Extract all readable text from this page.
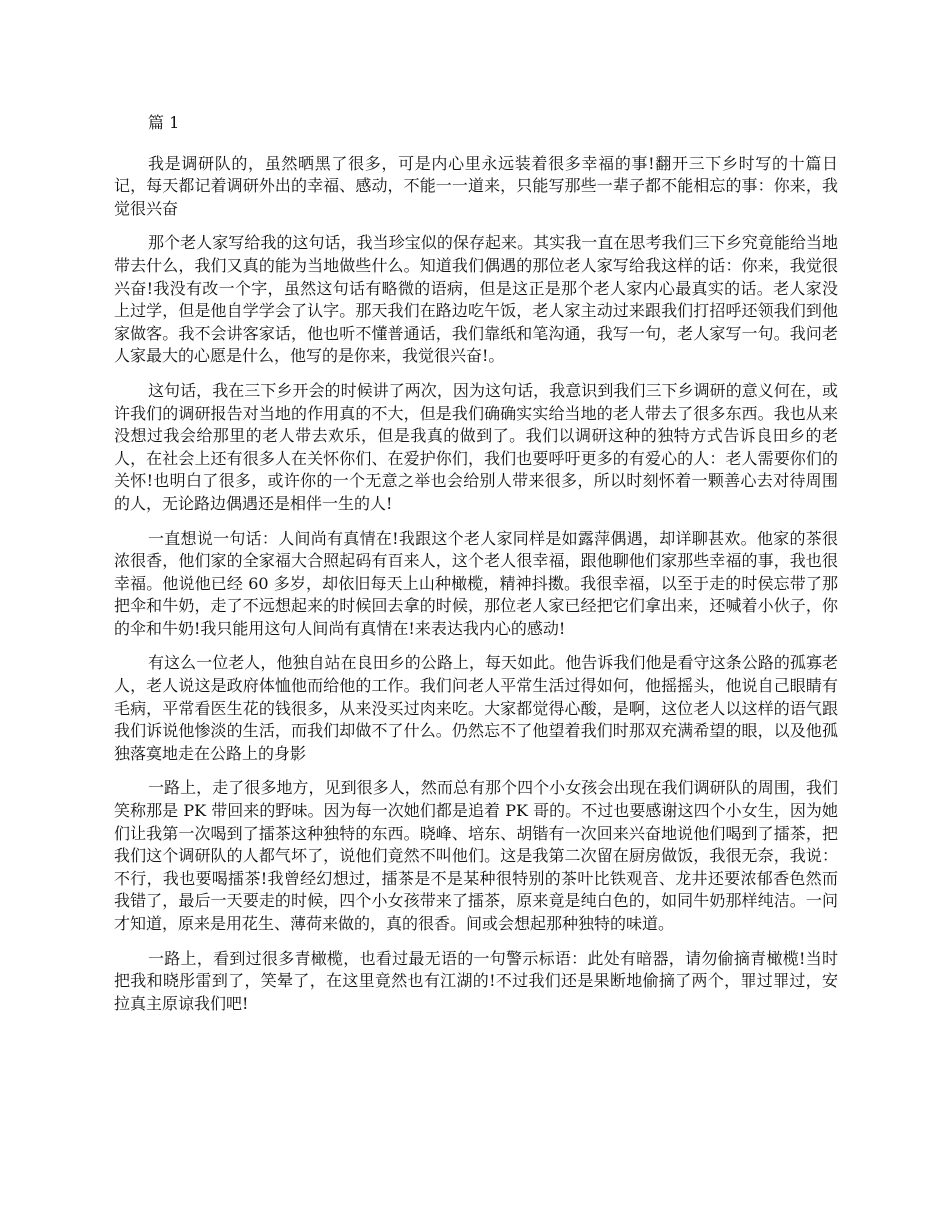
篇 1

我是调研队的，虽然晒黑了很多，可是内心里永远装着很多幸福的事!翻开三下乡时写的十篇日记，每天都记着调研外出的幸福、感动，不能一一道来，只能写那些一辈子都不能相忘的事：你来，我觉很兴奋

那个老人家写给我的这句话，我当珍宝似的保存起来。其实我一直在思考我们三下乡究竟能给当地带去什么，我们又真的能为当地做些什么。知道我们偶遇的那位老人家写给我这样的话：你来，我觉很兴奋!我没有改一个字，虽然这句话有略微的语病，但是这正是那个老人家内心最真实的话。老人家没上过学，但是他自学学会了认字。那天我们在路边吃午饭，老人家主动过来跟我们打招呼还领我们到他家做客。我不会讲客家话，他也听不懂普通话，我们靠纸和笔沟通，我写一句，老人家写一句。我问老人家最大的心愿是什么，他写的是你来，我觉很兴奋!。

这句话，我在三下乡开会的时候讲了两次，因为这句话，我意识到我们三下乡调研的意义何在，或许我们的调研报告对当地的作用真的不大，但是我们确确实实给当地的老人带去了很多东西。我也从来没想过我会给那里的老人带去欢乐，但是我真的做到了。我们以调研这种的独特方式告诉良田乡的老人，在社会上还有很多人在关怀你们、在爱护你们，我们也要呼吁更多的有爱心的人：老人需要你们的关怀!也明白了很多，或许你的一个无意之举也会给别人带来很多，所以时刻怀着一颗善心去对待周围的人，无论路边偶遇还是相伴一生的人!

一直想说一句话：人间尚有真情在!我跟这个老人家同样是如露萍偶遇，却详聊甚欢。他家的茶很浓很香，他们家的全家福大合照起码有百来人，这个老人很幸福，跟他聊他们家那些幸福的事，我也很幸福。他说他已经 60 多岁，却依旧每天上山种橄榄，精神抖擞。我很幸福，以至于走的时侯忘带了那把伞和牛奶，走了不远想起来的时候回去拿的时候，那位老人家已经把它们拿出来，还喊着小伙子，你的伞和牛奶!我只能用这句人间尚有真情在!来表达我内心的感动!

有这么一位老人，他独自站在良田乡的公路上，每天如此。他告诉我们他是看守这条公路的孤寡老人，老人说这是政府体恤他而给他的工作。我们问老人平常生活过得如何，他摇摇头，他说自己眼睛有毛病，平常看医生花的钱很多，从来没买过肉来吃。大家都觉得心酸，是啊，这位老人以这样的语气跟我们诉说他惨淡的生活，而我们却做不了什么。仍然忘不了他望着我们时那双充满希望的眼，以及他孤独落寞地走在公路上的身影

一路上，走了很多地方，见到很多人，然而总有那个四个小女孩会出现在我们调研队的周围，我们笑称那是 PK 带回来的野味。因为每一次她们都是追着 PK 哥的。不过也要感谢这四个小女生，因为她们让我第一次喝到了擂茶这种独特的东西。晓峰、培东、胡锴有一次回来兴奋地说他们喝到了擂茶，把我们这个调研队的人都气坏了，说他们竟然不叫他们。这是我第二次留在厨房做饭，我很无奈，我说：不行，我也要喝擂茶!我曾经幻想过，擂茶是不是某种很特别的茶叶比铁观音、龙井还要浓郁香色然而我错了，最后一天要走的时候，四个小女孩带来了擂茶，原来竟是纯白色的，如同牛奶那样纯洁。一问才知道，原来是用花生、薄荷来做的，真的很香。间或会想起那种独特的味道。

一路上，看到过很多青橄榄，也看过最无语的一句警示标语：此处有暗器，请勿偷摘青橄榄!当时把我和晓彤雷到了，笑晕了，在这里竟然也有江湖的!不过我们还是果断地偷摘了两个，罪过罪过，安拉真主原谅我们吧!
